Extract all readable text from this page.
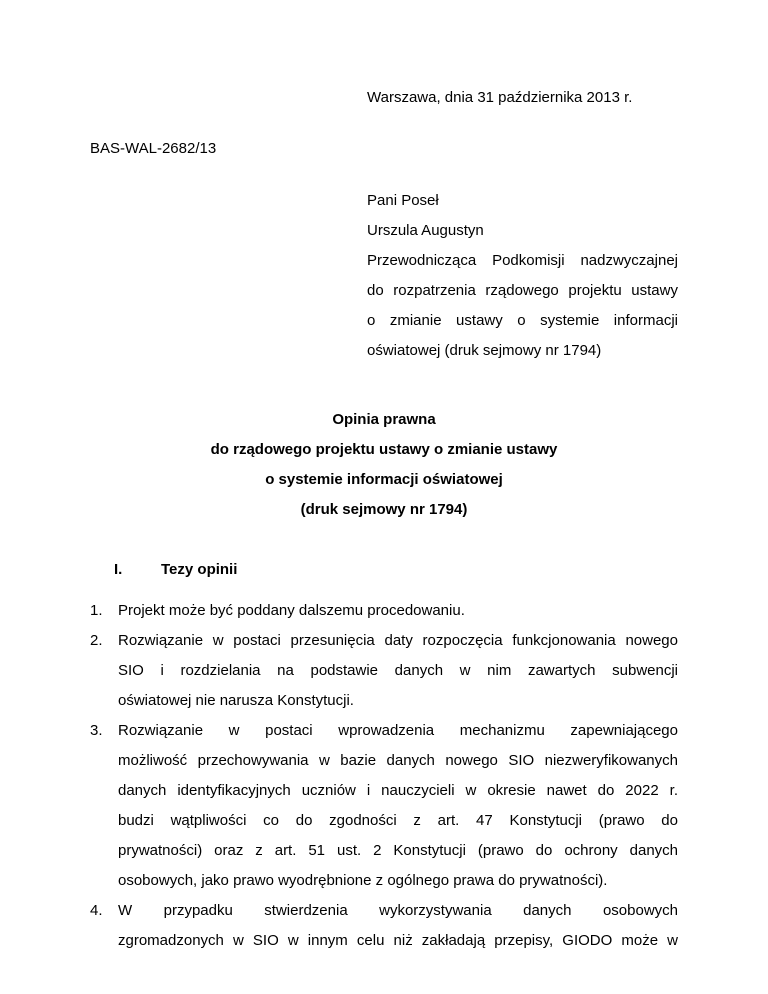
Warszawa, dnia 31 października 2013 r.
BAS-WAL-2682/13
Pani Poseł
Urszula Augustyn
Przewodnicząca Podkomisji nadzwyczajnej
do rozpatrzenia rządowego projektu ustawy
o zmianie ustawy o systemie informacji
oświatowej (druk sejmowy nr 1794)
Opinia prawna
do rządowego projektu ustawy o zmianie ustawy
o systemie informacji oświatowej
(druk sejmowy nr 1794)
I.	Tezy opinii
1. Projekt może być poddany dalszemu procedowaniu.
2. Rozwiązanie w postaci przesunięcia daty rozpoczęcia funkcjonowania nowego
SIO i rozdzielania na podstawie danych w nim zawartych subwencji
oświatowej nie narusza Konstytucji.
3. Rozwiązanie w postaci wprowadzenia mechanizmu zapewniającego
możliwość przechowywania w bazie danych nowego SIO niezweryfikowanych
danych identyfikacyjnych uczniów i nauczycieli w okresie nawet do 2022 r.
budzi wątpliwości co do zgodności z art. 47 Konstytucji (prawo do
prywatności) oraz z art. 51 ust. 2 Konstytucji (prawo do ochrony danych
osobowych, jako prawo wyodrębnione z ogólnego prawa do prywatności).
4. W przypadku stwierdzenia wykorzystywania danych osobowych
zgromadzonych w SIO w innym celu niż zakładają przepisy, GIODO może w
